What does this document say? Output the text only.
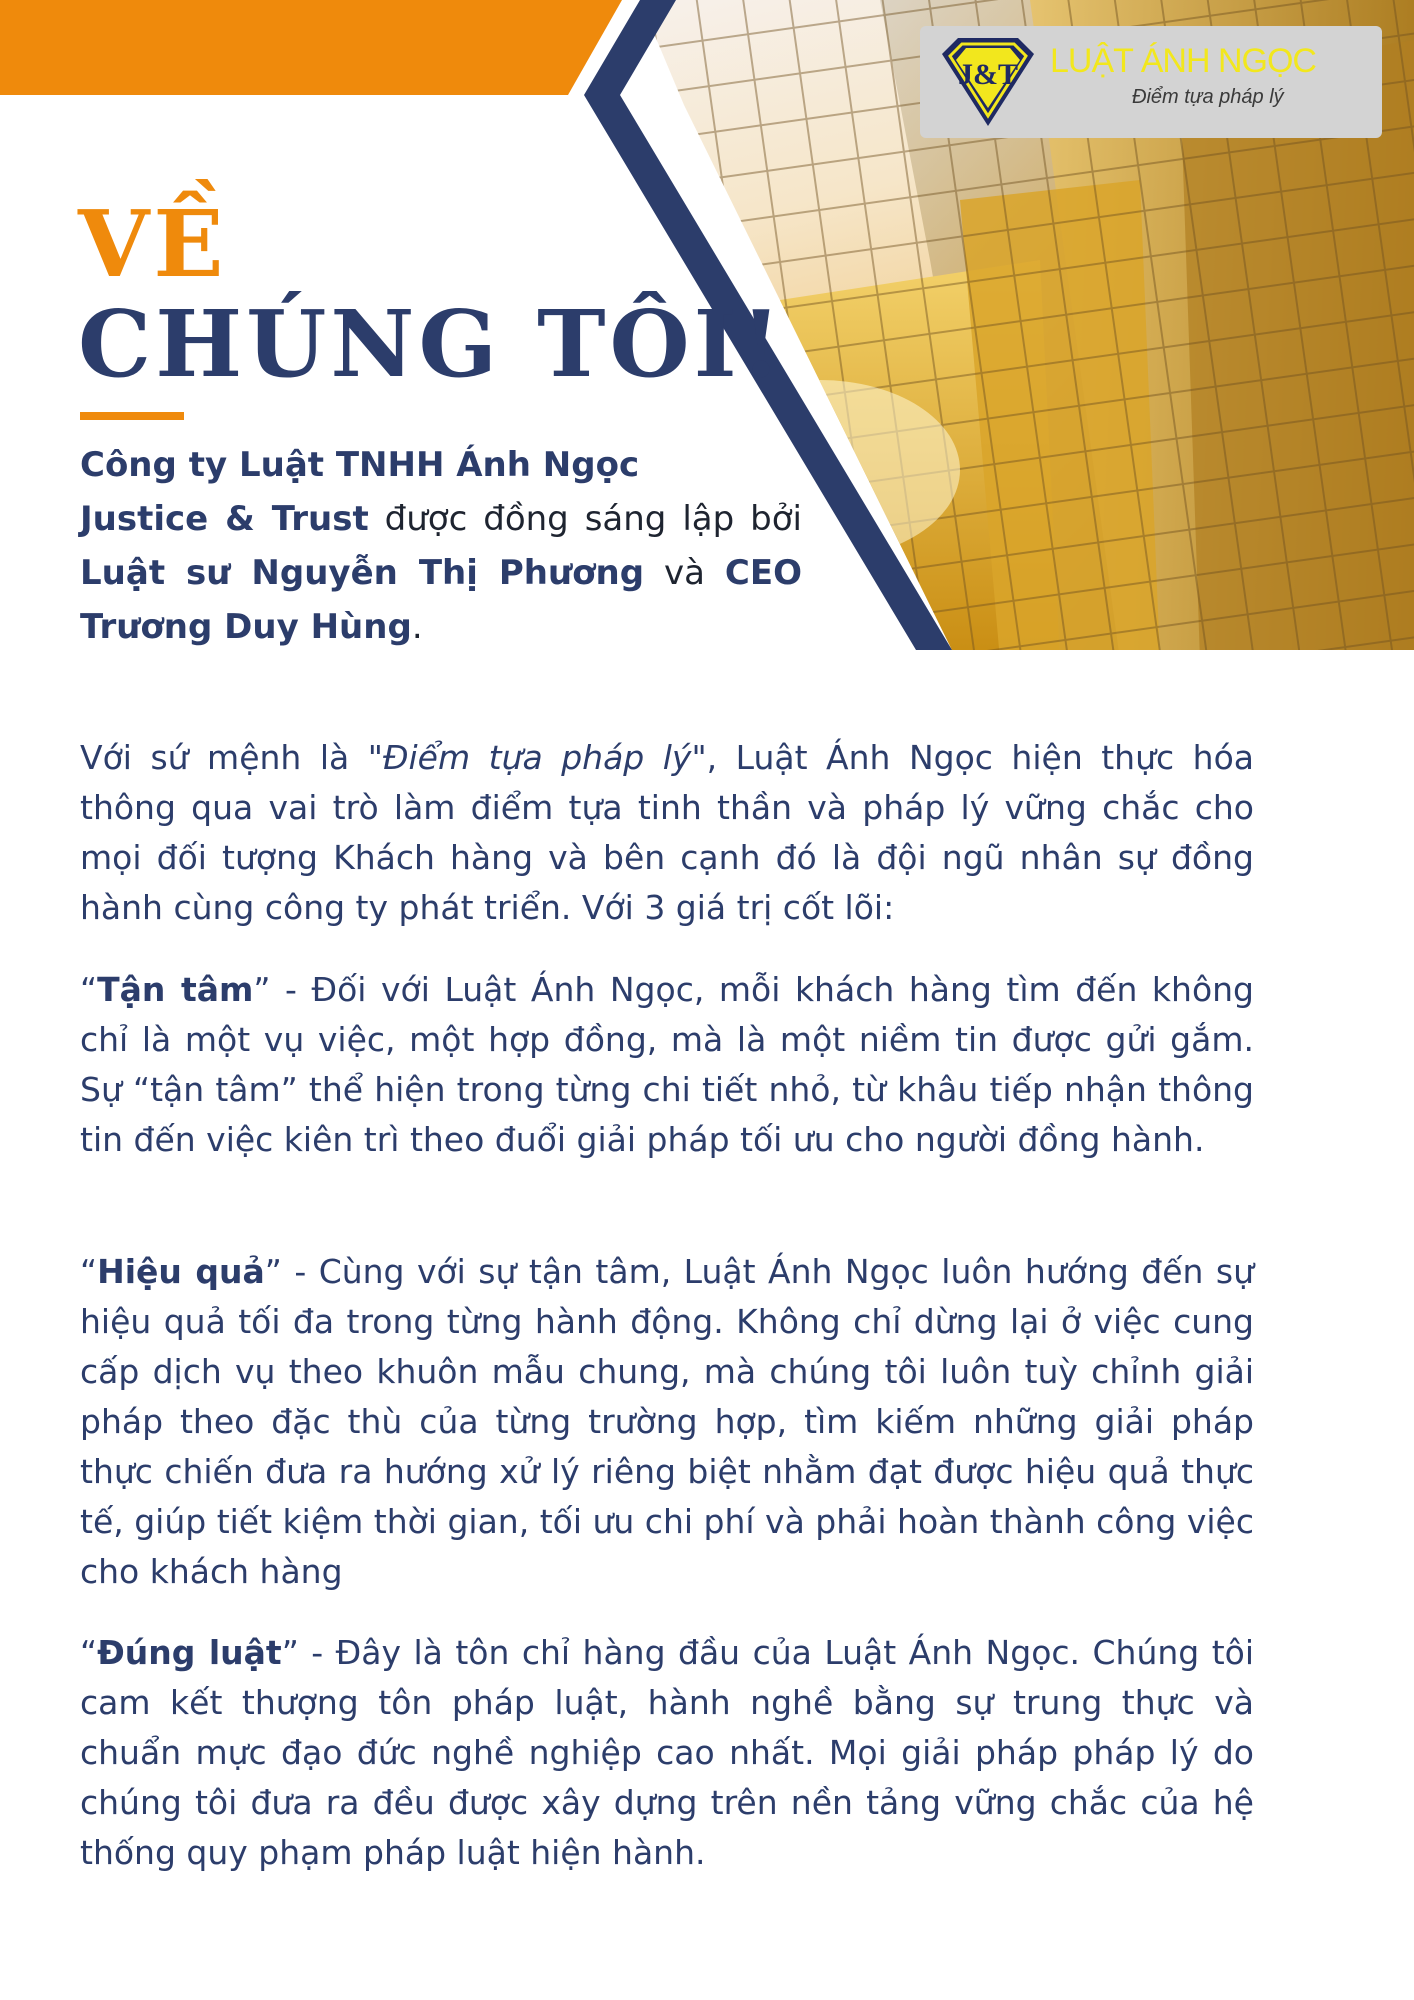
J&T LUẬT ÁNH NGỌC
Điểm tựa pháp lý
VỀ
CHÚNG TÔI!
Công ty Luật TNHH Ánh Ngọc
Justice & Trust được đồng sáng lập bởi Luật sư Nguyễn Thị Phương và CEO Trương Duy Hùng.

Với sứ mệnh là "Điểm tựa pháp lý", Luật Ánh Ngọc hiện thực hóa thông qua vai trò làm điểm tựa tinh thần và pháp lý vững chắc cho mọi đối tượng Khách hàng và bên cạnh đó là đội ngũ nhân sự đồng hành cùng công ty phát triển. Với 3 giá trị cốt lõi:

“Tận tâm” - Đối với Luật Ánh Ngọc, mỗi khách hàng tìm đến không chỉ là một vụ việc, một hợp đồng, mà là một niềm tin được gửi gắm. Sự “tận tâm” thể hiện trong từng chi tiết nhỏ, từ khâu tiếp nhận thông tin đến việc kiên trì theo đuổi giải pháp tối ưu cho người đồng hành.

“Hiệu quả” - Cùng với sự tận tâm, Luật Ánh Ngọc luôn hướng đến sự hiệu quả tối đa trong từng hành động. Không chỉ dừng lại ở việc cung cấp dịch vụ theo khuôn mẫu chung, mà chúng tôi luôn tuỳ chỉnh giải pháp theo đặc thù của từng trường hợp, tìm kiếm những giải pháp thực chiến đưa ra hướng xử lý riêng biệt nhằm đạt được hiệu quả thực tế, giúp tiết kiệm thời gian, tối ưu chi phí và phải hoàn thành công việc cho khách hàng

“Đúng luật” - Đây là tôn chỉ hàng đầu của Luật Ánh Ngọc. Chúng tôi cam kết thượng tôn pháp luật, hành nghề bằng sự trung thực và chuẩn mực đạo đức nghề nghiệp cao nhất. Mọi giải pháp pháp lý do chúng tôi đưa ra đều được xây dựng trên nền tảng vững chắc của hệ thống quy phạm pháp luật hiện hành.
